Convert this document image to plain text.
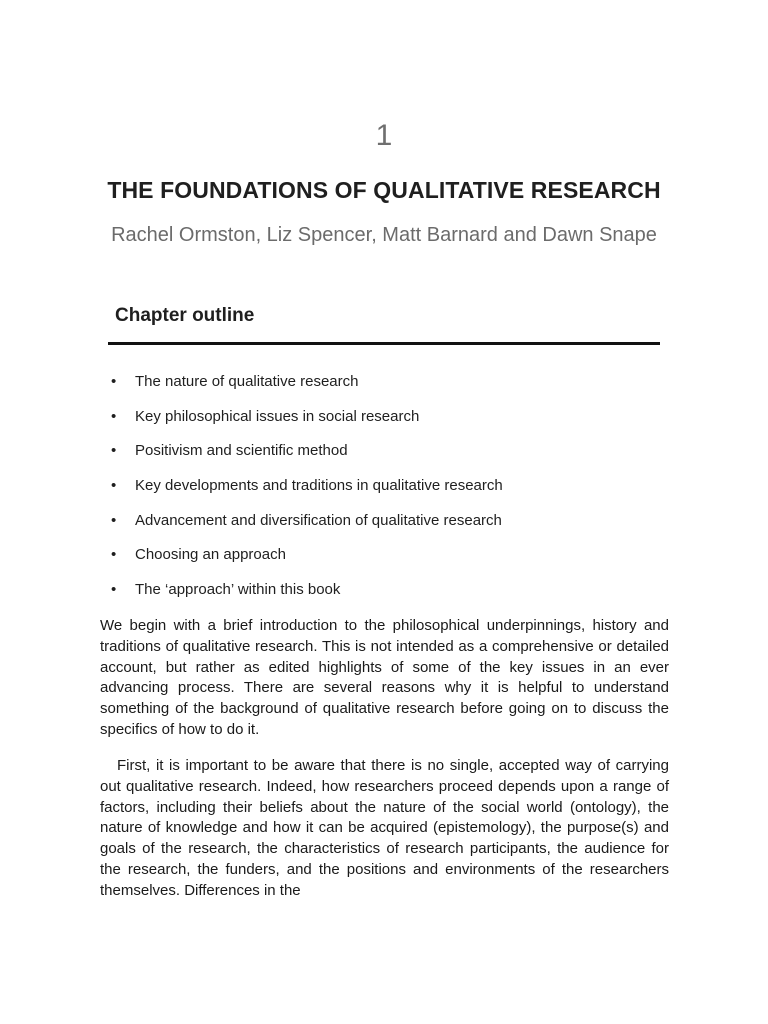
1
THE FOUNDATIONS OF QUALITATIVE RESEARCH
Rachel Ormston, Liz Spencer, Matt Barnard and Dawn Snape
Chapter outline
• The nature of qualitative research
• Key philosophical issues in social research
• Positivism and scientific method
• Key developments and traditions in qualitative research
• Advancement and diversification of qualitative research
• Choosing an approach
• The ‘approach’ within this book

We begin with a brief introduction to the philosophical underpinnings, history and traditions of qualitative research. This is not intended as a comprehensive or detailed account, but rather as edited highlights of some of the key issues in an ever advancing process. There are several reasons why it is helpful to understand something of the background of qualitative research before going on to discuss the specifics of how to do it.

First, it is important to be aware that there is no single, accepted way of carrying out qualitative research. Indeed, how researchers proceed depends upon a range of factors, including their beliefs about the nature of the social world (ontology), the nature of knowledge and how it can be acquired (epistemology), the purpose(s) and goals of the research, the characteristics of research participants, the audience for the research, the funders, and the positions and environments of the researchers themselves. Differences in the
